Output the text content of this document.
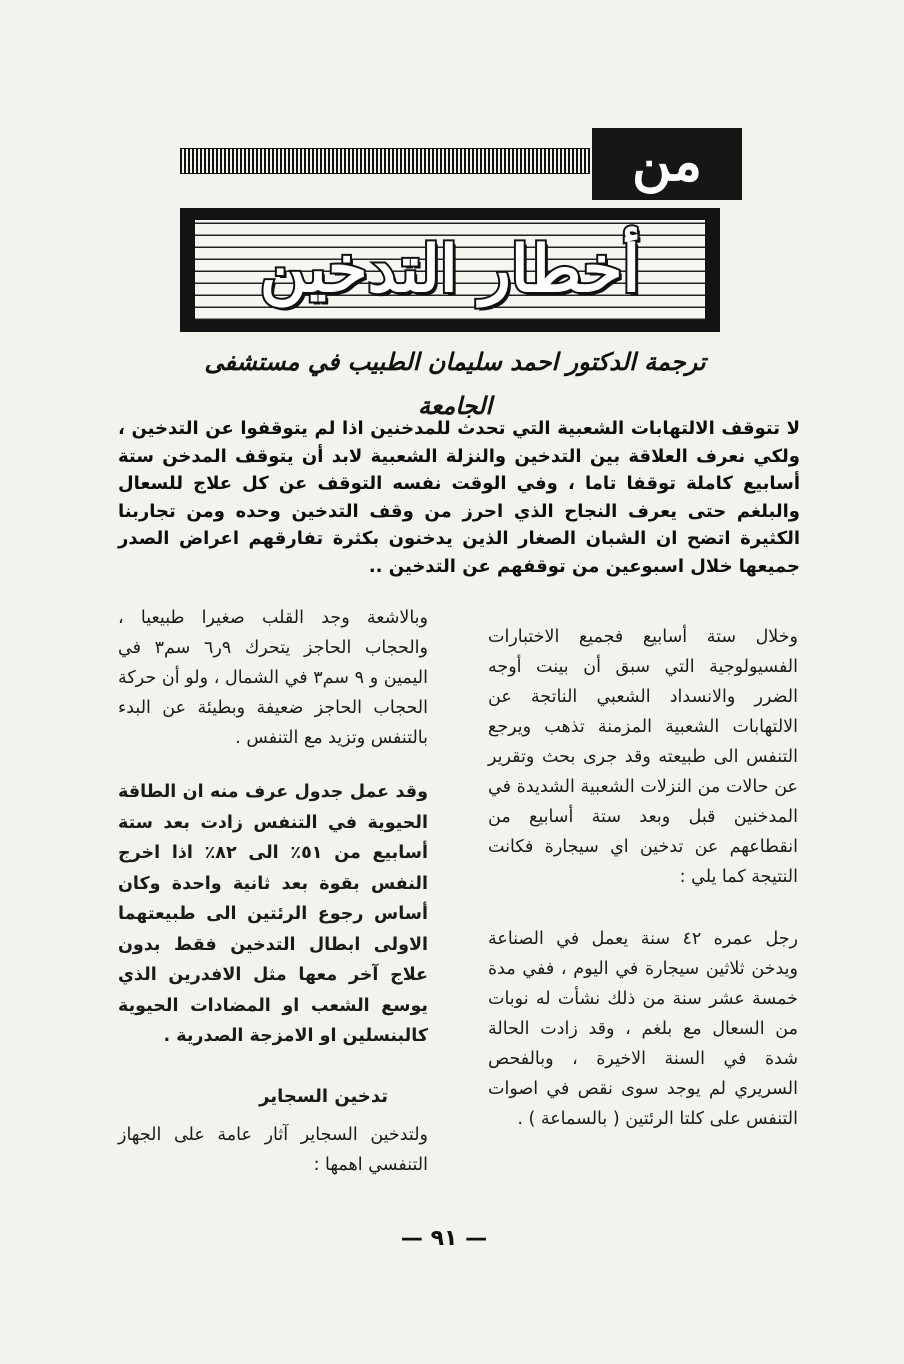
من
أخطار التدخين
ترجمة الدكتور احمد سليمان الطبيب في مستشفى الجامعة
لا تتوقف الالتهابات الشعبية التي تحدث للمدخنين اذا لم يتوقفوا عن التدخين ، ولكي نعرف العلاقة بين التدخين والنزلة الشعبية لابد أن يتوقف المدخن ستة أسابيع كاملة توقفا تاما ، وفي الوقت نفسه التوقف عن كل علاج للسعال والبلغم حتى يعرف النجاح الذي احرز من وقف التدخين وحده ومن تجاربنا الكثيرة اتضح ان الشبان الصغار الذين يدخنون بكثرة تفارقهم اعراض الصدر جميعها خلال اسبوعين من توقفهم عن التدخين ..

وخلال ستة أسابيع فجميع الاختبارات الفسيولوجية التي سبق أن بينت أوجه الضرر والانسداد الشعبي الناتجة عن الالتهابات الشعبية المزمنة تذهب ويرجع التنفس الى طبيعته وقد جرى بحث وتقرير عن حالات من النزلات الشعبية الشديدة في المدخنين قبل وبعد ستة أسابيع من انقطاعهم عن تدخين اي سيجارة فكانت النتيجة كما يلي :

رجل عمره ٤٢ سنة يعمل في الصناعة ويدخن ثلاثين سيجارة في اليوم ، ففي مدة خمسة عشر سنة من ذلك نشأت له نوبات من السعال مع بلغم ، وقد زادت الحالة شدة في السنة الاخيرة ، وبالفحص السريري لم يوجد سوى نقص في اصوات التنفس على كلتا الرئتين ( بالسماعة ) .

وبالاشعة وجد القلب صغيرا طبيعيا ، والحجاب الحاجز يتحرك ٩ر٦ سم٣ في اليمين و ٩ سم٣ في الشمال ، ولو أن حركة الحجاب الحاجز ضعيفة وبطيئة عن البدء بالتنفس وتزيد مع التنفس .

وقد عمل جدول عرف منه ان الطاقة الحيوية في التنفس زادت بعد ستة أسابيع من ٥١٪ الى ٨٢٪ اذا اخرج النفس بقوة بعد ثانية واحدة وكان أساس رجوع الرئتين الى طبيعتهما الاولى ابطال التدخين فقط بدون علاج آخر معها مثل الافدرين الذي يوسع الشعب او المضادات الحيوية كالبنسلين او الامزجة الصدرية .

تدخين السجاير

ولتدخين السجاير آثار عامة على الجهاز التنفسي اهمها :

— ٩١ —
